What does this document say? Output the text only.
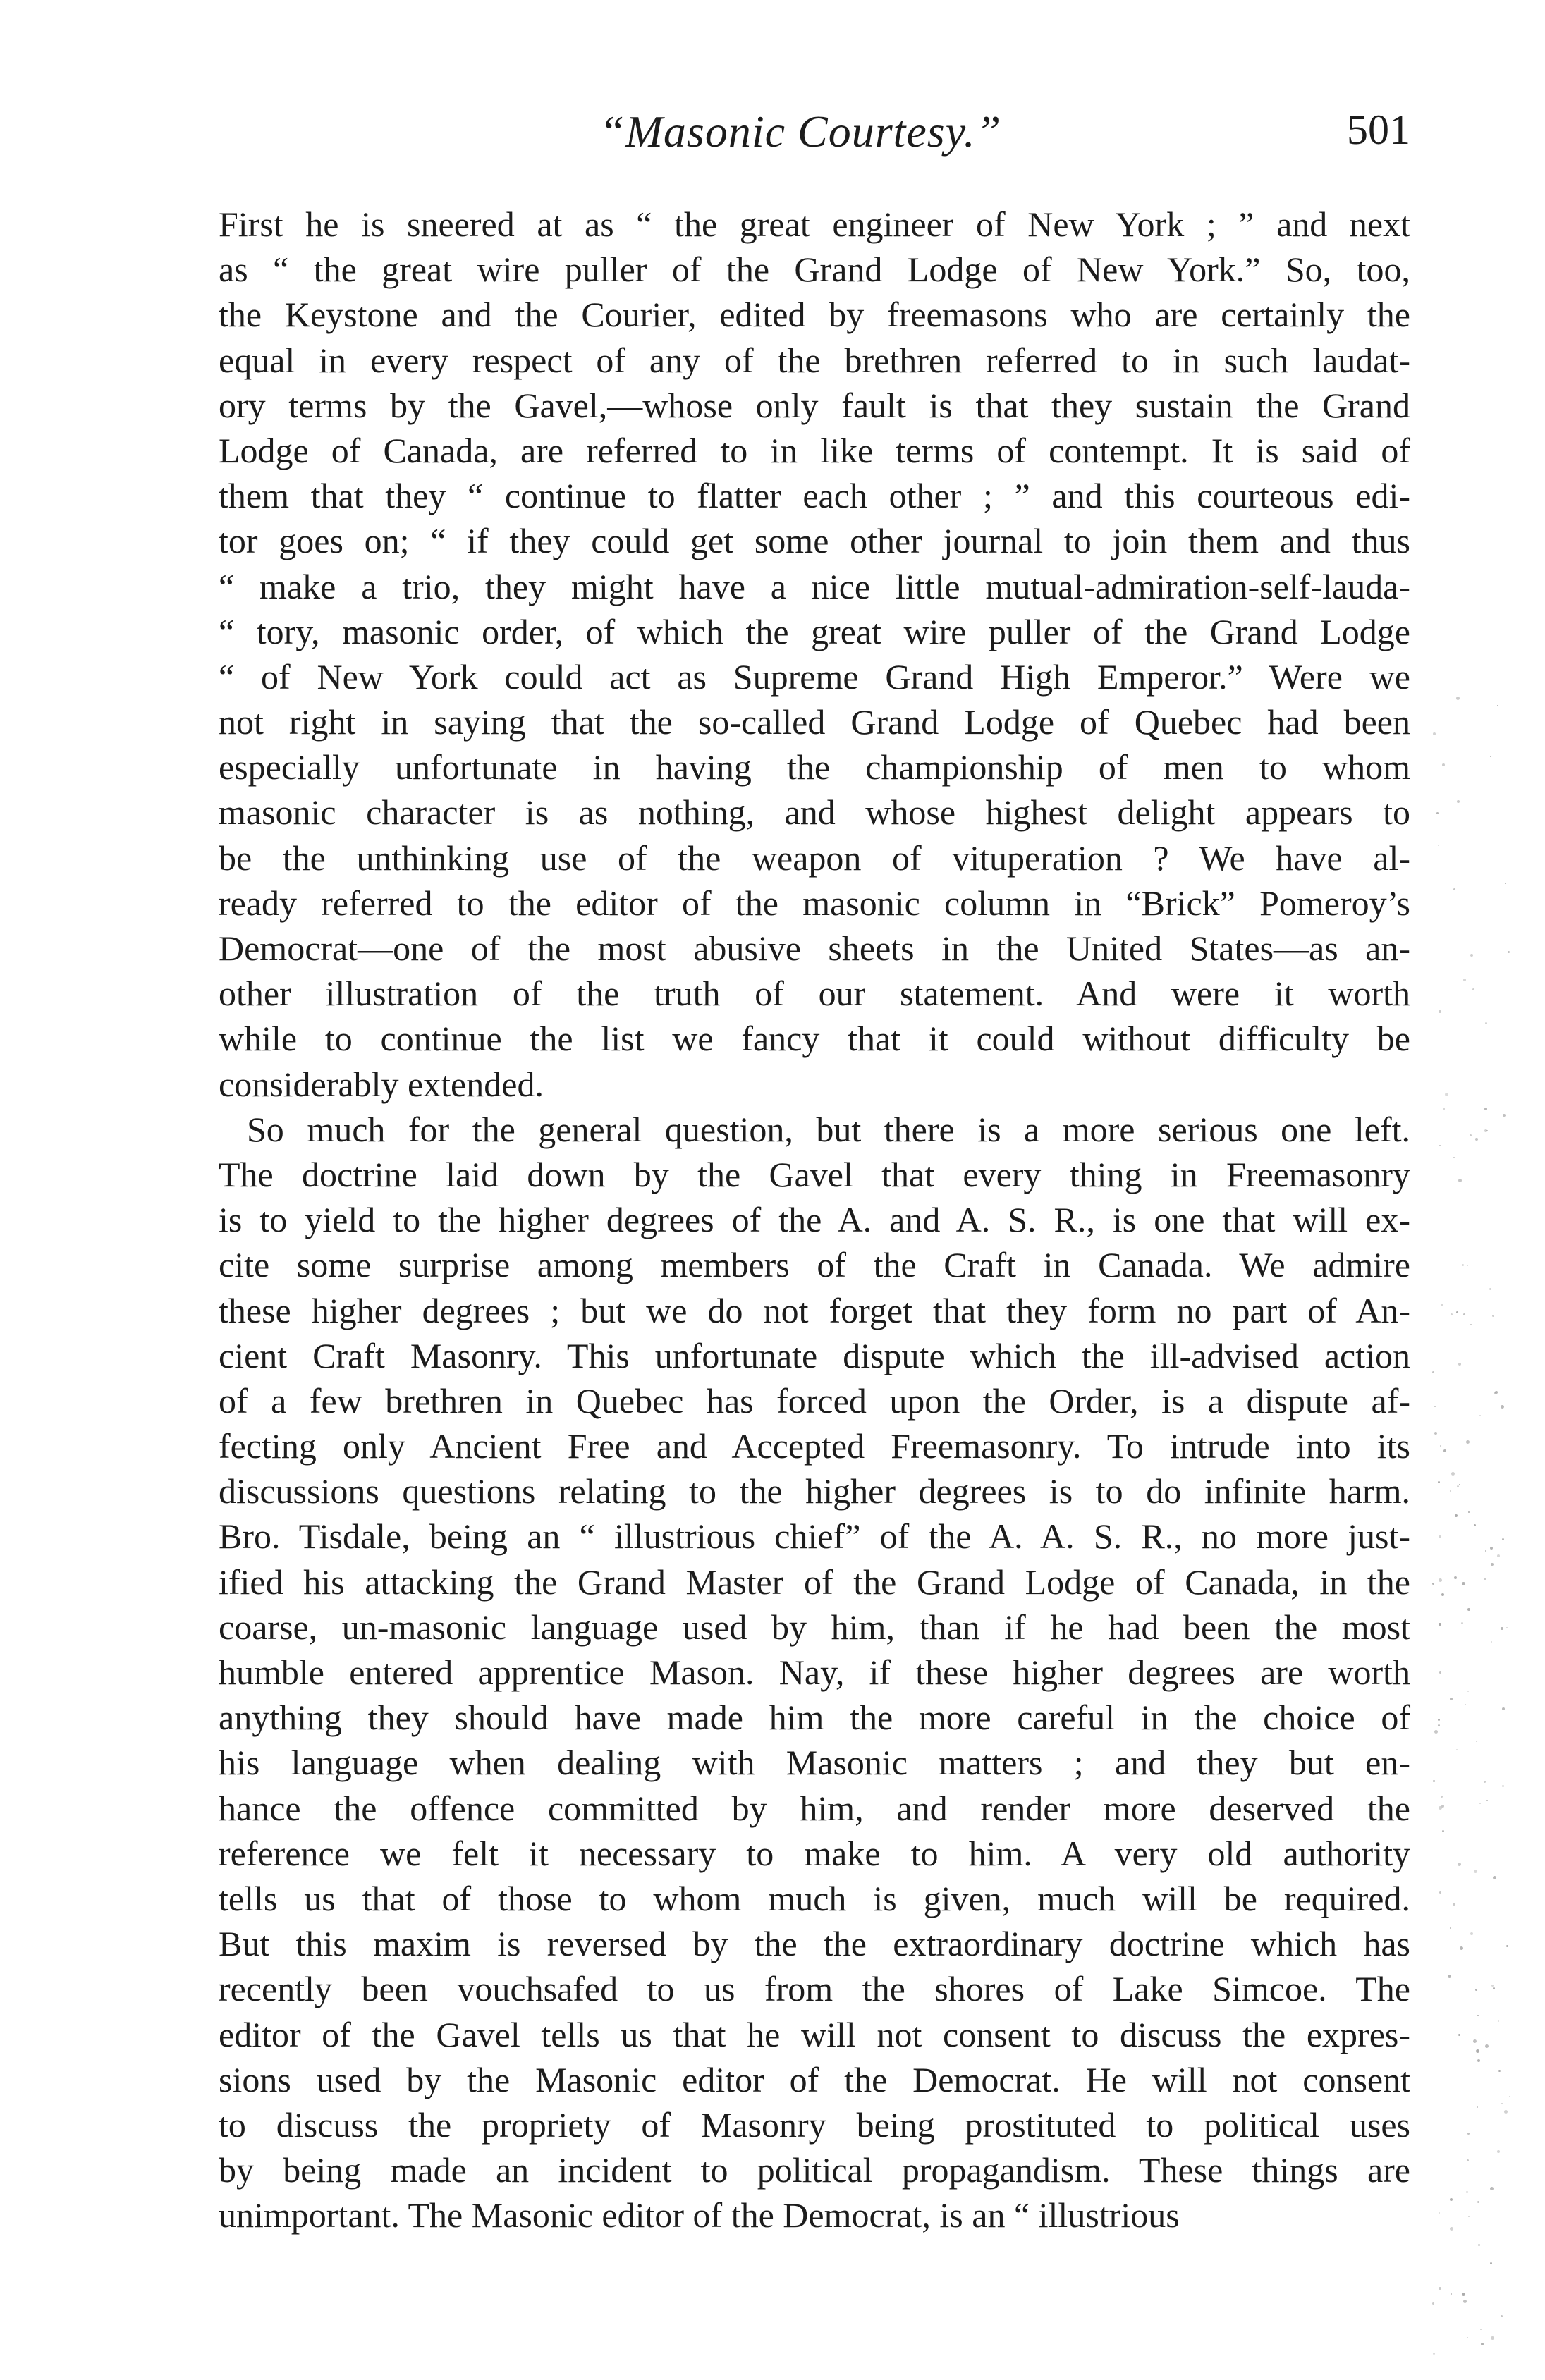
“Masonic Courtesy.”	501
First he is sneered at as “ the great engineer of New York ; ” and next
as “ the great wire puller of the Grand Lodge of New York.” So, too,
the Keystone and the Courier, edited by freemasons who are certainly the
equal in every respect of any of the brethren referred to in such laudat-
ory terms by the Gavel,—whose only fault is that they sustain the Grand
Lodge of Canada, are referred to in like terms of contempt. It is said of
them that they “ continue to flatter each other ; ” and this courteous edi-
tor goes on; “ if they could get some other journal to join them and thus
“ make a trio, they might have a nice little mutual-admiration-self-lauda-
“ tory, masonic order, of which the great wire puller of the Grand Lodge
“ of New York could act as Supreme Grand High Emperor.” Were we
not right in saying that the so-called Grand Lodge of Quebec had been
especially unfortunate in having the championship of men to whom
masonic character is as nothing, and whose highest delight appears to
be the unthinking use of the weapon of vituperation ? We have al-
ready referred to the editor of the masonic column in “Brick” Pomeroy’s
Democrat—one of the most abusive sheets in the United States—as an-
other illustration of the truth of our statement. And were it worth
while to continue the list we fancy that it could without difficulty be
considerably extended.
So much for the general question, but there is a more serious one left.
The doctrine laid down by the Gavel that every thing in Freemasonry
is to yield to the higher degrees of the A. and A. S. R., is one that will ex-
cite some surprise among members of the Craft in Canada. We admire
these higher degrees ; but we do not forget that they form no part of An-
cient Craft Masonry. This unfortunate dispute which the ill-advised action
of a few brethren in Quebec has forced upon the Order, is a dispute af-
fecting only Ancient Free and Accepted Freemasonry. To intrude into its
discussions questions relating to the higher degrees is to do infinite harm.
Bro. Tisdale, being an “ illustrious chief” of the A. A. S. R., no more just-
ified his attacking the Grand Master of the Grand Lodge of Canada, in the
coarse, un-masonic language used by him, than if he had been the most
humble entered apprentice Mason. Nay, if these higher degrees are worth
anything they should have made him the more careful in the choice of
his language when dealing with Masonic matters ; and they but en-
hance the offence committed by him, and render more deserved the
reference we felt it necessary to make to him. A very old authority
tells us that of those to whom much is given, much will be required.
But this maxim is reversed by the the extraordinary doctrine which has
recently been vouchsafed to us from the shores of Lake Simcoe. The
editor of the Gavel tells us that he will not consent to discuss the expres-
sions used by the Masonic editor of the Democrat. He will not consent
to discuss the propriety of Masonry being prostituted to political uses
by being made an incident to political propagandism. These things are
unimportant. The Masonic editor of the Democrat, is an “ illustrious
